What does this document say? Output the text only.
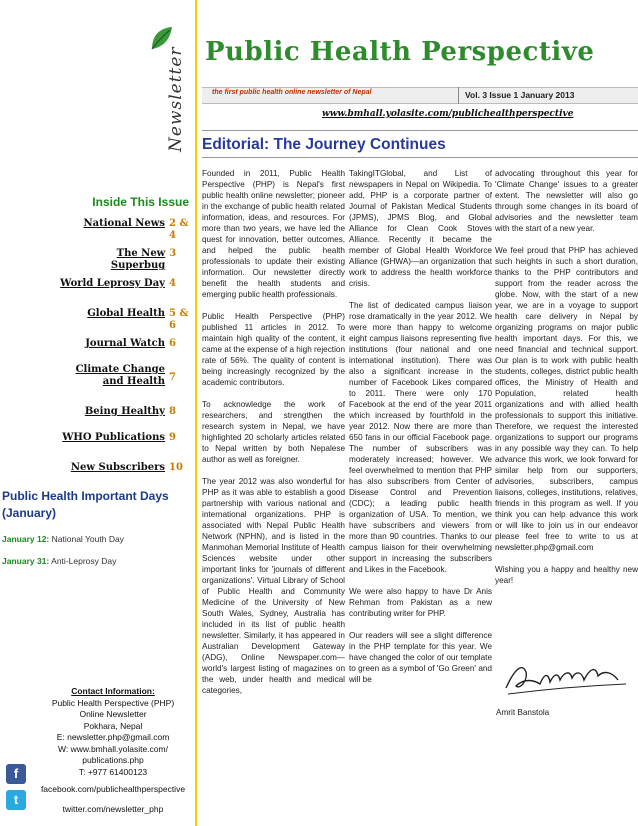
Newsletter
Inside This Issue
National News 2 & 4
The New Superbug
3
World Leprosy Day 4
Global Health 5 & 6
Journal Watch 6
Climate Change and Health 7
Being Healthy 8
WHO Publications 9
New Subscribers 10
Public Health Important Days (January)
January 12: National Youth Day
January 31: Anti-Leprosy Day
Contact Information:
Public Health Perspective (PHP)
Online Newsletter
Pokhara, Nepal
E: newsletter.php@gmail.com
W: www.bmhall.yolasite.com/
publications.php
T: +977 61400123
facebook.com/publichealthperspective
twitter.com/newsletter_php
f
t
Public Health Perspective
the first public health online newsletter of Nepal	Vol. 3 Issue 1 January 2013
www.bmhall.yolasite.com/publichealthperspective
Editorial: The Journey Continues

Founded in 2011, Public Health Perspective (PHP) is Nepal's first public health online newsletter; pioneer in the exchange of public health related information, ideas, and resources. For more than two years, we have led the quest for innovation, better outcomes, and helped the public health professionals to update their existing information. Our newsletter directly benefit the health students and emerging public health professionals.

Public Health Perspective (PHP) published 11 articles in 2012. To maintain high quality of the content, it came at the expense of a high rejection rate of 56%. The quality of content is being increasingly recognized by the academic contributors.

To acknowledge the work of researchers, and strengthen the research system in Nepal, we have highlighted 20 scholarly articles related to Nepal written by both Nepalese author as well as foreigner.

The year 2012 was also wonderful for PHP as it was able to establish a good partnership with various national and international organizations. PHP is associated with Nepal Public Health Network (NPHN), and is listed in the Manmohan Memorial Institute of Health Sciences website under other important links for 'journals of different organizations'. Virtual Library of School of Public Health and Community Medicine of the University of New South Wales, Sydney, Australia has included in its list of public health newsletter. Similarly, it has appeared in Australian Development Gateway (ADG), Online Newspaper.com— world's largest listing of magazines on the web, under health and medical categories,

TakingITGlobal, and List of newspapers in Nepal on Wikipedia. To add, PHP is a corporate partner of Journal of Pakistan Medical Students (JPMS), JPMS Blog, and Global Alliance for Clean Cook Stoves Alliance. Recently it became the member of Global Health Workforce Alliance (GHWA)—an organization that work to address the health workforce crisis.

The list of dedicated campus liaison rose dramatically in the year 2012. We were more than happy to welcome eight campus liaisons representing five institutions (four national and one international institution). There was also a significant increase in the number of Facebook Likes compared to 2011. There were only 170 Facebook at the end of the year 2011 which increased by fourthfold in the year 2012. Now there are more than 650 fans in our official Facebook page. The number of subscribers was moderately increased; however. We feel overwhelmed to mention that PHP has also subscribers from Center of Disease Control and Prevention (CDC); a leading public health organization of USA. To mention, we have subscribers and viewers from more than 90 countries. Thanks to our campus liaison for their overwhelming support in increasing the subscribers and Likes in the Facebook.

We were also happy to have Dr Anis Rehman from Pakistan as a new contributing writer for PHP.

Our readers will see a slight difference in the PHP template for this year. We have changed the color of our template to green as a symbol of 'Go Green' and will be

advocating throughout this year for 'Climate Change' issues to a greater extent. The newsletter will also go through some changes in its board of advisories and the newsletter team with the start of a new year.

We feel proud that PHP has achieved such heights in such a short duration, thanks to the PHP contributors and support from the reader across the globe. Now, with the start of a new year, we are in a voyage to support health care delivery in Nepal by organizing programs on major public health important days. For this, we need financial and technical support. Our plan is to work with public health students, colleges, district public health offices, the Ministry of Health and Population, related health organizations and with allied health professionals to support this initiative. Therefore, we request the interested organizations to support our programs in any possible way they can. To help advance this work, we look forward for similar help from our supporters, advisories, subscribers, campus liaisons, colleges, institutions, relatives, friends in this program as well. If you think you can help advance this work or will like to join us in our endeavor please feel free to write to us at newsletter.php@gmail.com

Wishing you a happy and healthy new year!

Amrit Banstola
